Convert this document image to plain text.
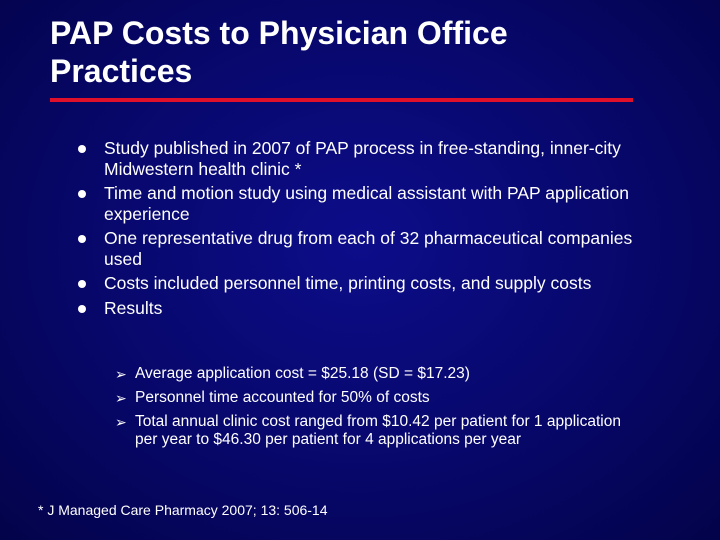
PAP Costs to Physician Office
Practices
Study published in 2007 of PAP process in free-standing, inner-city Midwestern health clinic *
Time and motion study using medical assistant with PAP application experience
One representative drug from each of 32 pharmaceutical companies used
Costs included personnel time, printing costs, and supply costs
Results
➢ Average application cost = $25.18 (SD = $17.23)
➢ Personnel time accounted for 50% of costs
➢ Total annual clinic cost ranged from $10.42 per patient for 1 application per year to $46.30 per patient for 4 applications per year
* J Managed Care Pharmacy 2007; 13: 506-14
